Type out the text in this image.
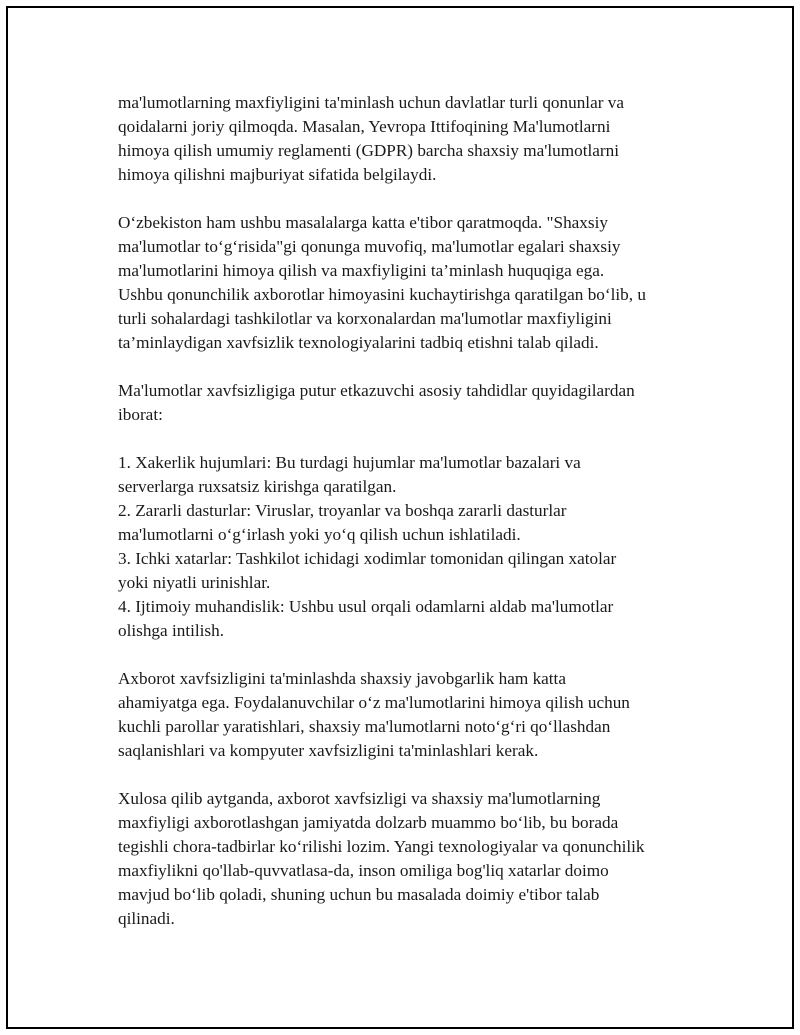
ma'lumotlarning maxfiyligini ta'minlash uchun davlatlar turli qonunlar va
qoidalarni joriy qilmoqda. Masalan, Yevropa Ittifoqining Ma'lumotlarni
himoya qilish umumiy reglamenti (GDPR) barcha shaxsiy ma'lumotlarni
himoya qilishni majburiyat sifatida belgilaydi.

O‘zbekiston ham ushbu masalalarga katta e'tibor qaratmoqda. "Shaxsiy
ma'lumotlar to‘g‘risida"gi qonunga muvofiq, ma'lumotlar egalari shaxsiy
ma'lumotlarini himoya qilish va maxfiyligini ta’minlash huquqiga ega.
Ushbu qonunchilik axborotlar himoyasini kuchaytirishga qaratilgan bo‘lib, u
turli sohalardagi tashkilotlar va korxonalardan ma'lumotlar maxfiyligini
ta’minlaydigan xavfsizlik texnologiyalarini tadbiq etishni talab qiladi.

Ma'lumotlar xavfsizligiga putur etkazuvchi asosiy tahdidlar quyidagilardan
iborat:

1. Xakerlik hujumlari: Bu turdagi hujumlar ma'lumotlar bazalari va
serverlarga ruxsatsiz kirishga qaratilgan.
2. Zararli dasturlar: Viruslar, troyanlar va boshqa zararli dasturlar
ma'lumotlarni o‘g‘irlash yoki yo‘q qilish uchun ishlatiladi.
3. Ichki xatarlar: Tashkilot ichidagi xodimlar tomonidan qilingan xatolar
yoki niyatli urinishlar.
4. Ijtimoiy muhandislik: Ushbu usul orqali odamlarni aldab ma'lumotlar
olishga intilish.

Axborot xavfsizligini ta'minlashda shaxsiy javobgarlik ham katta
ahamiyatga ega. Foydalanuvchilar o‘z ma'lumotlarini himoya qilish uchun
kuchli parollar yaratishlari, shaxsiy ma'lumotlarni noto‘g‘ri qo‘llashdan
saqlanishlari va kompyuter xavfsizligini ta'minlashlari kerak.

Xulosa qilib aytganda, axborot xavfsizligi va shaxsiy ma'lumotlarning
maxfiyligi axborotlashgan jamiyatda dolzarb muammo bo‘lib, bu borada
tegishli chora-tadbirlar ko‘rilishi lozim. Yangi texnologiyalar va qonunchilik
maxfiylikni qo'llab-quvvatlasa-da, inson omiliga bog'liq xatarlar doimo
mavjud bo‘lib qoladi, shuning uchun bu masalada doimiy e'tibor talab
qilinadi.
